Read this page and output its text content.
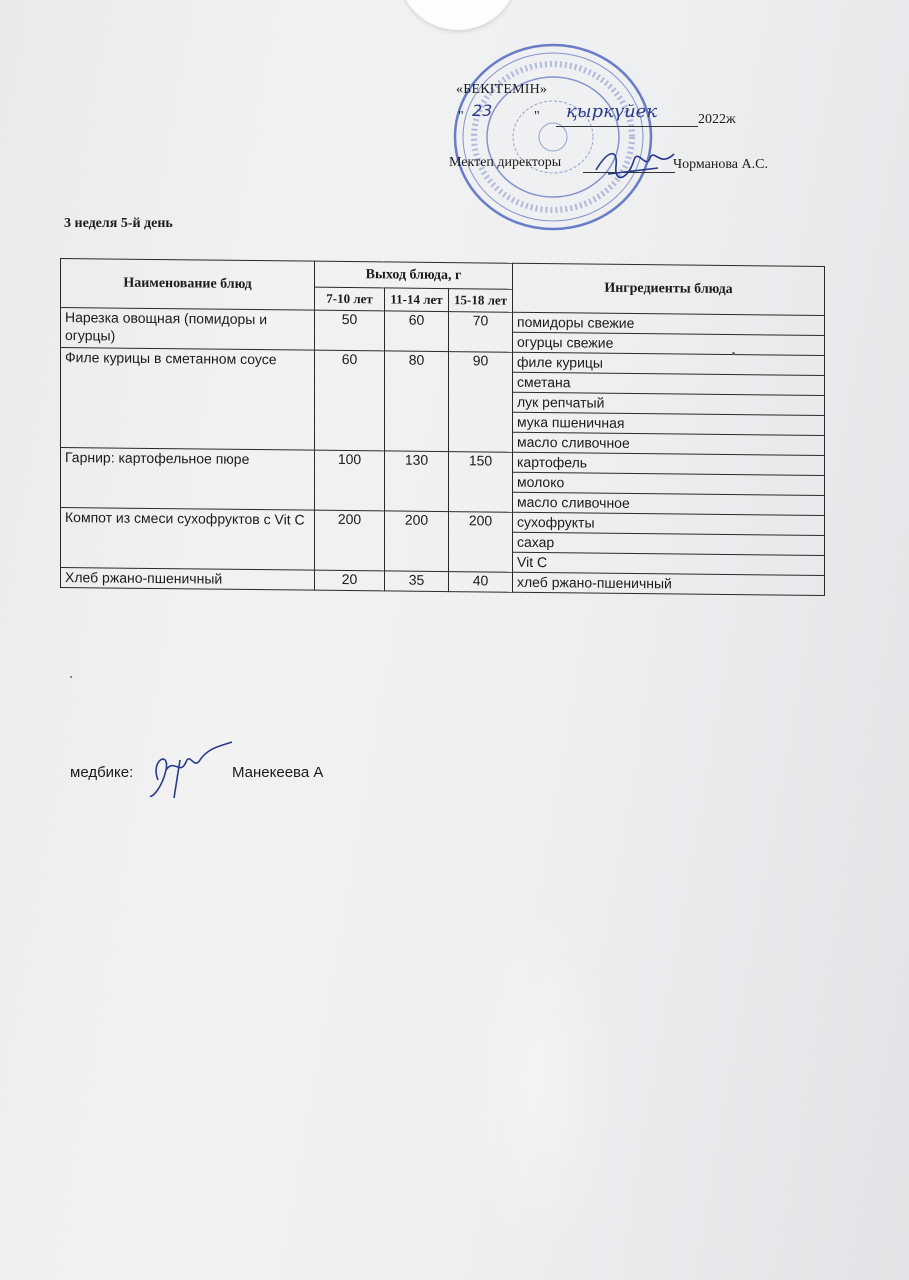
«БЕКІТЕМІН»
" 23	" қыркүйек	2022ж
Мектеп директоры	Чорманова А.С.
3 неделя 5-й день
Наименование блюд	Выход блюда, г			Ингредиенты блюда
	7-10 лет	11-14 лет	15-18 лет	
Нарезка овощная (помидоры и огурцы)	50	60	70	помидоры свежие
				огурцы свежие
Филе курицы в сметанном соусе	60	80	90	филе курицы
				сметана
				лук репчатый
				мука пшеничная
				масло сливочное
Гарнир: картофельное пюре	100	130	150	картофель
				молоко
				масло сливочное
Компот из смеси сухофруктов с Vit C	200	200	200	сухофрукты
				сахар
				Vit C
Хлеб ржано-пшеничный	20	35	40	хлеб ржано-пшеничный
медбике:	Манекеева А
